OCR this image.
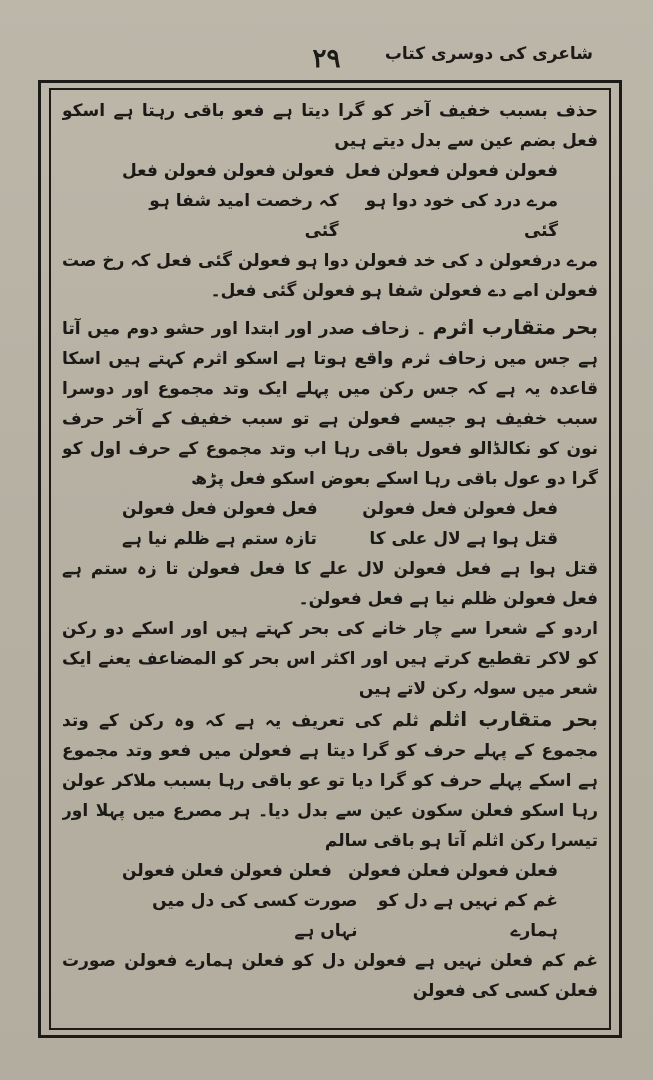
شاعری کی دوسری کتاب
۲۹

حذف بسبب خفیف آخر کو گرا دیتا ہے فعو باقی رہتا ہے اسکو فعل بضم عین سے بدل دیتے ہیں

فعولن فعولن فعولن فعل
فعولن فعولن فعولن فعل
مرے درد کی خود دوا ہو گئی
کہ رخصت امید شفا ہو گئی

مرے درفعولن د کی خد فعولن دوا ہو فعولن گئی فعل کہ رخ صت فعولن امے دے فعولن شفا ہو فعولن گئی فعل۔

بحر متقارب اثرم ۔ زحاف صدر اور ابتدا اور حشو دوم میں آتا ہے جس میں زحاف ثرم واقع ہوتا ہے اسکو اثرم کہتے ہیں اسکا قاعدہ یہ ہے کہ جس رکن میں پہلے ایک وتد مجموع اور دوسرا سبب خفیف ہو جیسے فعولن ہے تو سبب خفیف کے آخر حرف نون کو نکالڈالو فعول باقی رہا اب وتد مجموع کے حرف اول کو گرا دو عول باقی رہا اسکے بعوض اسکو فعل پڑھ

فعل فعولن فعل فعولن
فعل فعولن فعل فعولن
قتل ہوا ہے لال علی کا
تازہ ستم ہے ظلم نیا ہے

قتل ہوا ہے فعل فعولن لال علے کا فعل فعولن تا زہ ستم ہے فعل فعولن ظلم نیا ہے فعل فعولن۔

اردو کے شعرا سے چار خانے کی بحر کہتے ہیں اور اسکے دو رکن کو لاکر تقطیع کرتے ہیں اور اکثر اس بحر کو المضاعف یعنے ایک شعر میں سولہ رکن لاتے ہیں

بحر متقارب اثلم ثلم کی تعریف یہ ہے کہ وہ رکن کے وتد مجموع کے پہلے حرف کو گرا دیتا ہے فعولن میں فعو وتد مجموع ہے اسکے پہلے حرف کو گرا دیا تو عو باقی رہا بسبب ملاکر عولن رہا اسکو فعلن سکون عین سے بدل دیا۔ ہر مصرع میں پہلا اور تیسرا رکن اثلم آتا ہو باقی سالم

فعلن فعولن فعلن فعولن
فعلن فعولن فعلن فعولن
غم کم نہیں ہے دل کو ہمارے
صورت کسی کی دل میں نہاں ہے

غم کم فعلن نہیں ہے فعولن دل کو فعلن ہمارے فعولن صورت فعلن کسی کی فعولن
